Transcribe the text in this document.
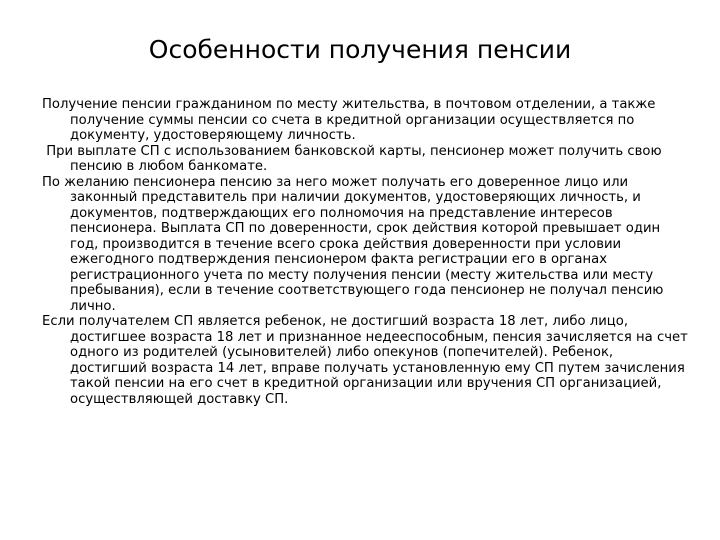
Особенности получения пенсии

Получение пенсии гражданином по месту жительства, в почтовом отделении, а также получение суммы пенсии со счета в кредитной организации осуществляется по документу, удостоверяющему личность.

При выплате СП с использованием банковской карты, пенсионер может получить свою пенсию в любом банкомате.

По желанию пенсионера пенсию за него может получать его доверенное лицо или законный представитель при наличии документов, удостоверяющих личность, и документов, подтверждающих его полномочия на представление интересов пенсионера. Выплата СП по доверенности, срок действия которой превышает один год, производится в течение всего срока действия доверенности при условии ежегодного подтверждения пенсионером факта регистрации его в органах регистрационного учета по месту получения пенсии (месту жительства или месту пребывания), если в течение соответствующего года пенсионер не получал пенсию лично.

Если получателем СП является ребенок, не достигший возраста 18 лет, либо лицо, достигшее возраста 18 лет и признанное недееспособным, пенсия зачисляется на счет одного из родителей (усыновителей) либо опекунов (попечителей). Ребенок, достигший возраста 14 лет, вправе получать установленную ему СП путем зачисления такой пенсии на его счет в кредитной организации или вручения СП организацией, осуществляющей доставку СП.
